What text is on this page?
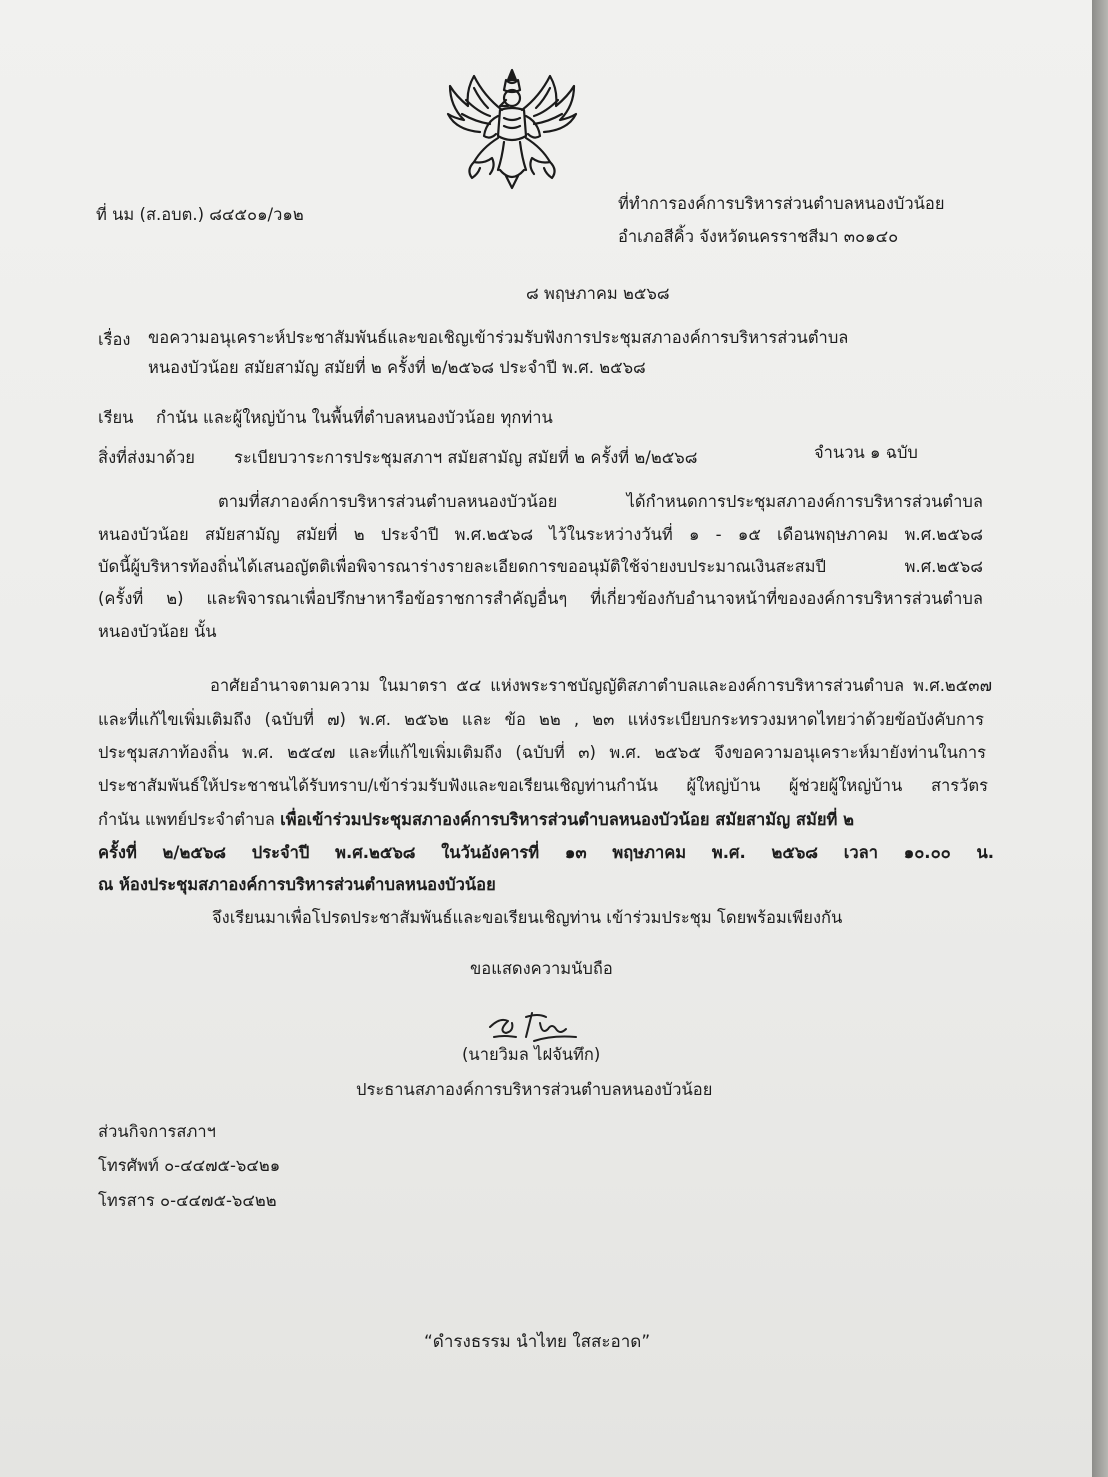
ที่ นม (ส.อบต.) ๘๔๕๐๑/ว๑๒
ที่ทำการองค์การบริหารส่วนตำบลหนองบัวน้อย
อำเภอสีคิ้ว จังหวัดนครราชสีมา ๓๐๑๔๐
๘ พฤษภาคม ๒๕๖๘
เรื่อง ขอความอนุเคราะห์ประชาสัมพันธ์และขอเชิญเข้าร่วมรับฟังการประชุมสภาองค์การบริหารส่วนตำบล
หนองบัวน้อย สมัยสามัญ สมัยที่ ๒ ครั้งที่ ๒/๒๕๖๘ ประจำปี พ.ศ. ๒๕๖๘
เรียน กำนัน และผู้ใหญ่บ้าน ในพื้นที่ตำบลหนองบัวน้อย ทุกท่าน
สิ่งที่ส่งมาด้วย ระเบียบวาระการประชุมสภาฯ สมัยสามัญ สมัยที่ ๒ ครั้งที่ ๒/๒๕๖๘	จำนวน ๑ ฉบับ
ตามที่สภาองค์การบริหารส่วนตำบลหนองบัวน้อย ได้กำหนดการประชุมสภาองค์การบริหารส่วนตำบล
หนองบัวน้อย สมัยสามัญ สมัยที่ ๒ ประจำปี พ.ศ.๒๕๖๘ ไว้ในระหว่างวันที่ ๑ - ๑๕ เดือนพฤษภาคม พ.ศ.๒๕๖๘
บัดนี้ผู้บริหารท้องถิ่นได้เสนอญัตติเพื่อพิจารณาร่างรายละเอียดการขออนุมัติใช้จ่ายงบประมาณเงินสะสมปี พ.ศ.๒๕๖๘
(ครั้งที่ ๒) และพิจารณาเพื่อปรึกษาหารือข้อราชการสำคัญอื่นๆ ที่เกี่ยวข้องกับอำนาจหน้าที่ขององค์การบริหารส่วนตำบล
หนองบัวน้อย นั้น
อาศัยอำนาจตามความ ในมาตรา ๕๔ แห่งพระราชบัญญัติสภาตำบลและองค์การบริหารส่วนตำบล พ.ศ.๒๕๓๗
และที่แก้ไขเพิ่มเติมถึง (ฉบับที่ ๗) พ.ศ. ๒๕๖๒ และ ข้อ ๒๒ , ๒๓ แห่งระเบียบกระทรวงมหาดไทยว่าด้วยข้อบังคับการ
ประชุมสภาท้องถิ่น พ.ศ. ๒๕๔๗ และที่แก้ไขเพิ่มเติมถึง (ฉบับที่ ๓) พ.ศ. ๒๕๖๕ จึงขอความอนุเคราะห์มายังท่านในการ
ประชาสัมพันธ์ให้ประชาชนได้รับทราบ/เข้าร่วมรับฟังและขอเรียนเชิญท่านกำนัน ผู้ใหญ่บ้าน ผู้ช่วยผู้ใหญ่บ้าน สารวัตร
กำนัน แพทย์ประจำตำบล เพื่อเข้าร่วมประชุมสภาองค์การบริหารส่วนตำบลหนองบัวน้อย สมัยสามัญ สมัยที่ ๒
ครั้งที่ ๒/๒๕๖๘ ประจำปี พ.ศ.๒๕๖๘ ในวันอังคารที่ ๑๓ พฤษภาคม พ.ศ. ๒๕๖๘ เวลา ๑๐.๐๐ น.
ณ ห้องประชุมสภาองค์การบริหารส่วนตำบลหนองบัวน้อย
จึงเรียนมาเพื่อโปรดประชาสัมพันธ์และขอเรียนเชิญท่าน เข้าร่วมประชุม โดยพร้อมเพียงกัน
ขอแสดงความนับถือ
(นายวิมล ไฝจันทึก)
ประธานสภาองค์การบริหารส่วนตำบลหนองบัวน้อย
ส่วนกิจการสภาฯ
โทรศัพท์ ๐-๔๔๗๕-๖๔๒๑
โทรสาร ๐-๔๔๗๕-๖๔๒๒
“ดำรงธรรม นำไทย ใสสะอาด”
